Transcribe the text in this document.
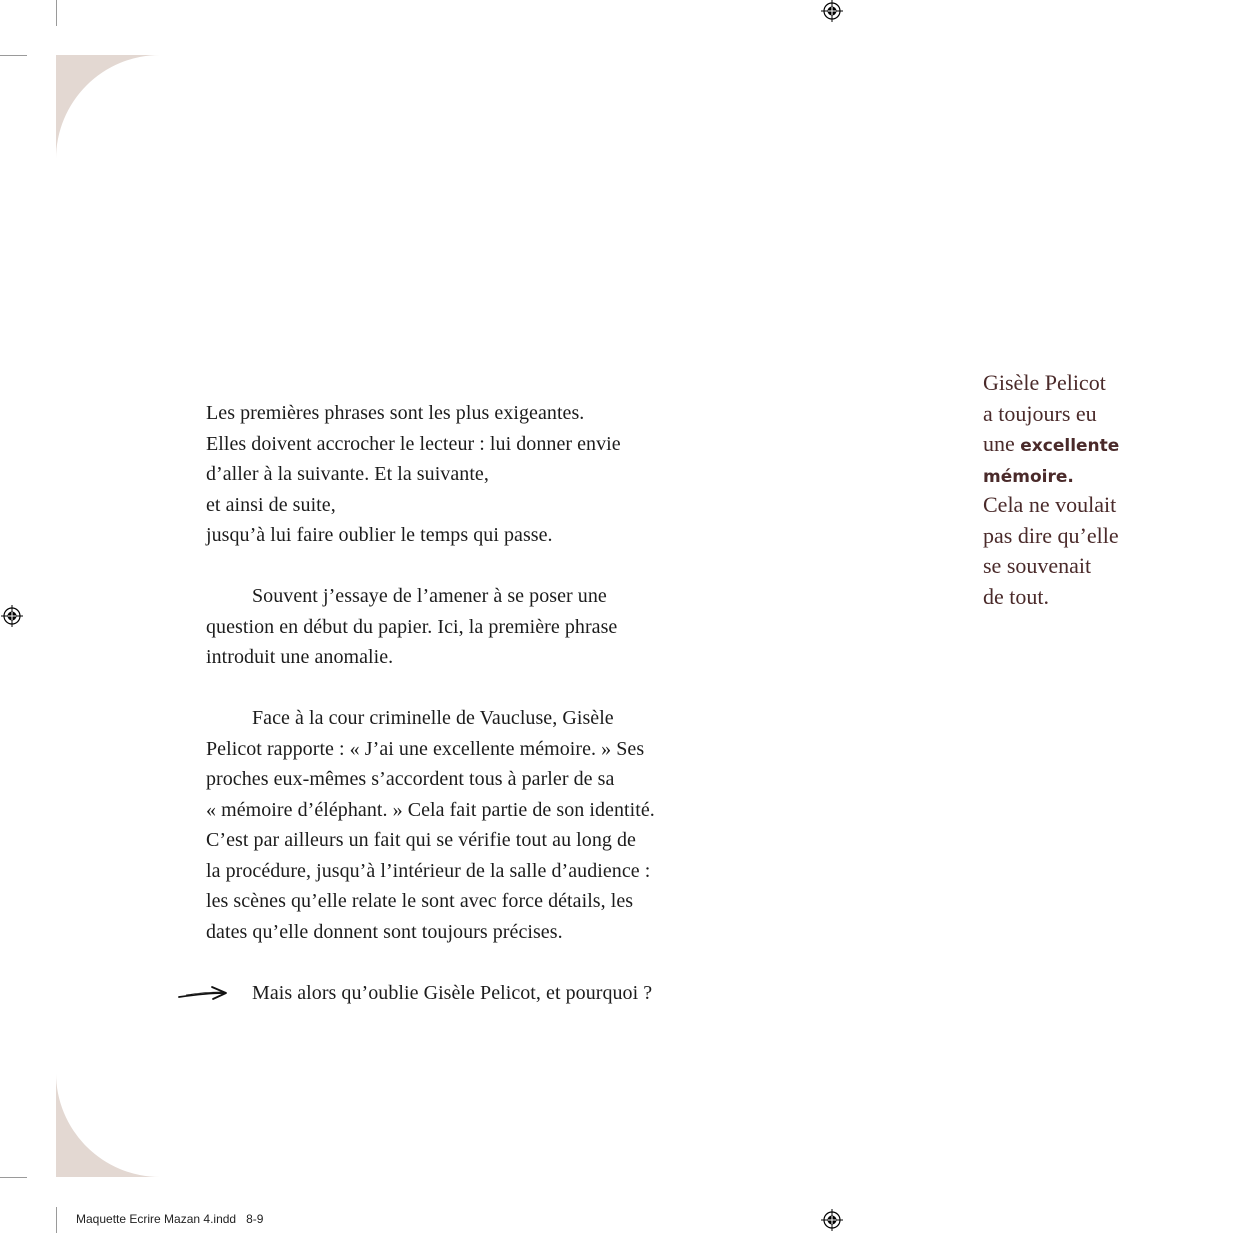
Les premières phrases sont les plus exigeantes.
Elles doivent accrocher le lecteur : lui donner envie
d’aller à la suivante. Et la suivante,
et ainsi de suite,
jusqu’à lui faire oublier le temps qui passe.
Souvent j’essaye de l’amener à se poser une
question en début du papier. Ici, la première phrase
introduit une anomalie.
Face à la cour criminelle de Vaucluse, Gisèle
Pelicot rapporte : « J’ai une excellente mémoire. » Ses
proches eux-mêmes s’accordent tous à parler de sa
« mémoire d’éléphant. » Cela fait partie de son identité.
C’est par ailleurs un fait qui se vérifie tout au long de
la procédure, jusqu’à l’intérieur de la salle d’audience :
les scènes qu’elle relate le sont avec force détails, les
dates qu’elle donnent sont toujours précises.
Mais alors qu’oublie Gisèle Pelicot, et pourquoi ?
Gisèle Pelicot
a toujours eu
une excellente
mémoire.
Cela ne voulait
pas dire qu’elle
se souvenait
de tout.
Maquette Ecrire Mazan 4.indd 8-9
